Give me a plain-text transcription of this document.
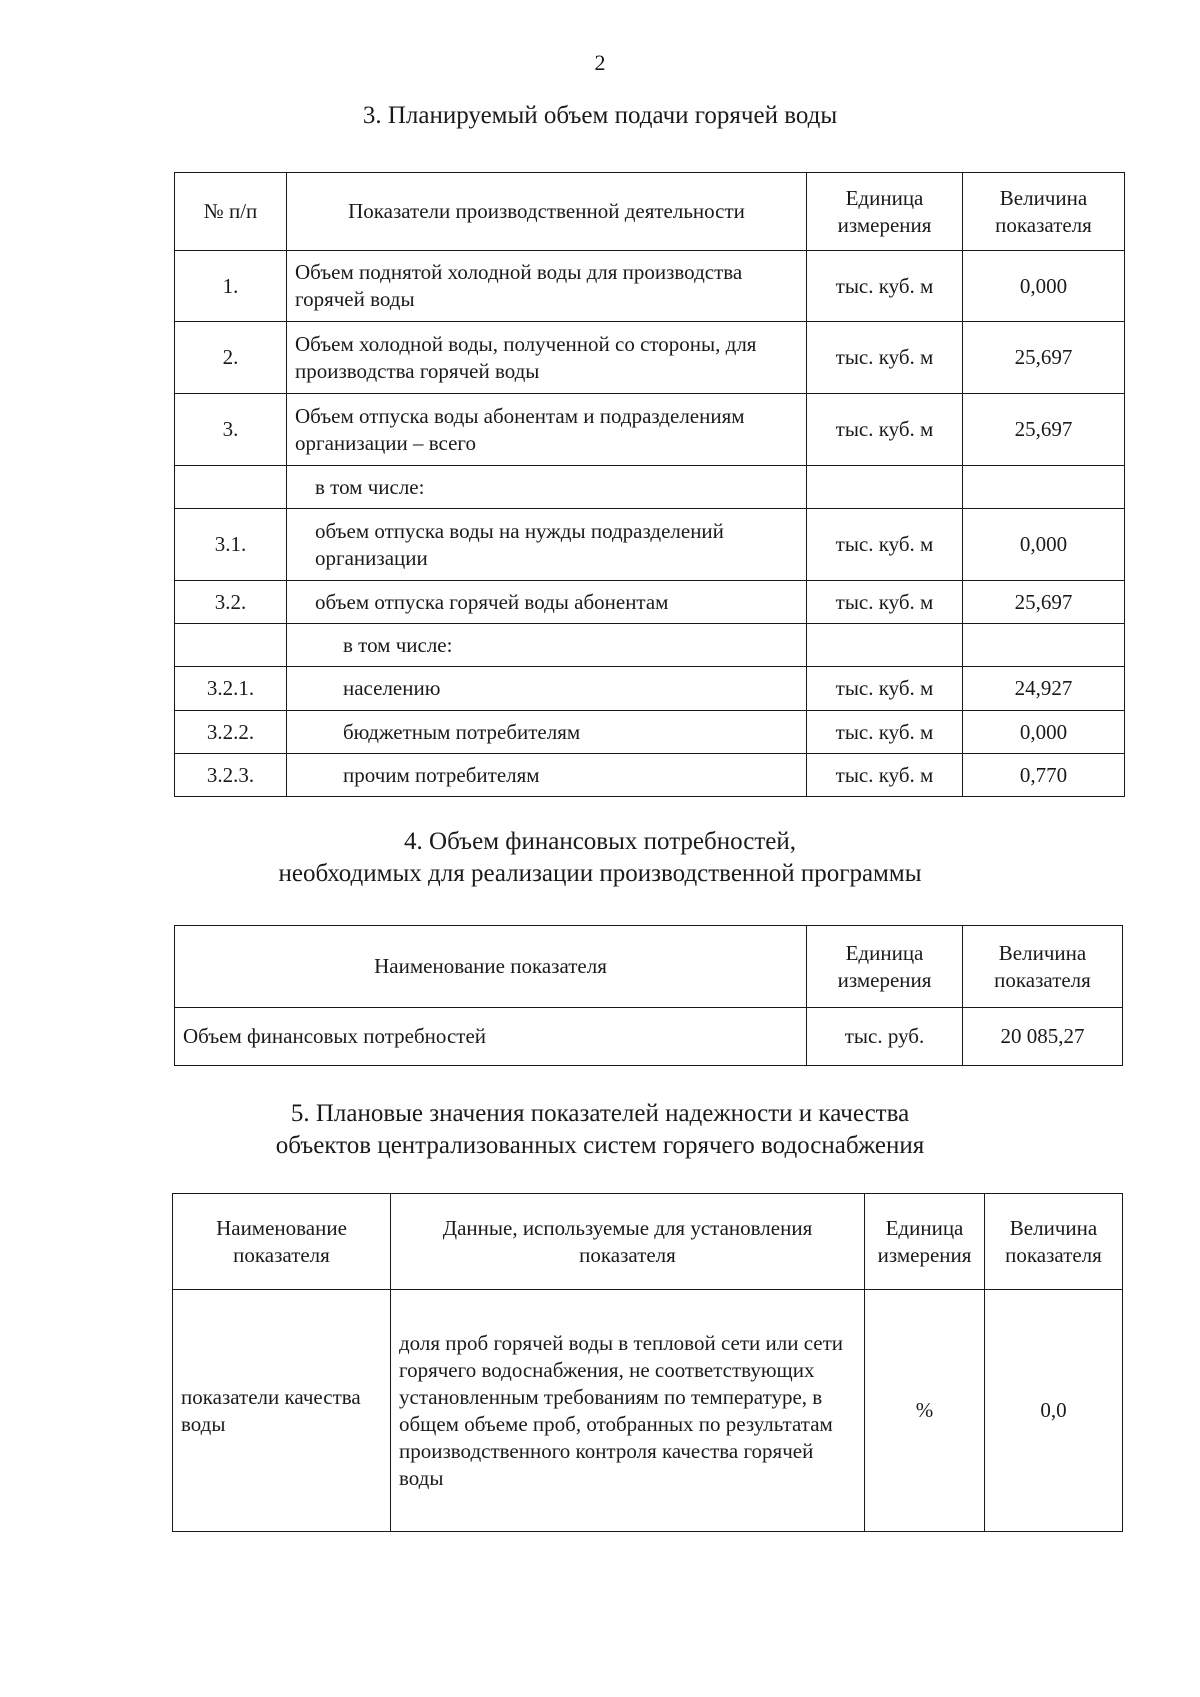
2
3. Планируемый объем подачи горячей воды
№ п/п	Показатели производственной деятельности	Единица измерения	Величина показателя
1.	Объем поднятой холодной воды для производства горячей воды	тыс. куб. м	0,000
2.	Объем холодной воды, полученной со стороны, для производства горячей воды	тыс. куб. м	25,697
3.	Объем отпуска воды абонентам и подразделениям организации – всего	тыс. куб. м	25,697
	в том числе:		
3.1.	объем отпуска воды на нужды подразделений организации	тыс. куб. м	0,000
3.2.	объем отпуска горячей воды абонентам	тыс. куб. м	25,697
	в том числе:		
3.2.1.	населению	тыс. куб. м	24,927
3.2.2.	бюджетным потребителям	тыс. куб. м	0,000
3.2.3.	прочим потребителям	тыс. куб. м	0,770
4. Объем финансовых потребностей,
необходимых для реализации производственной программы
Наименование показателя	Единица измерения	Величина показателя
Объем финансовых потребностей	тыс. руб.	20 085,27
5. Плановые значения показателей надежности и качества
объектов централизованных систем горячего водоснабжения
Наименование показателя	Данные, используемые для установления показателя	Единица измерения	Величина показателя
показатели качества воды	доля проб горячей воды в тепловой сети или сети горячего водоснабжения, не соответствующих установленным требованиям по температуре, в общем объеме проб, отобранных по результатам производственного контроля качества горячей воды	%	0,0
